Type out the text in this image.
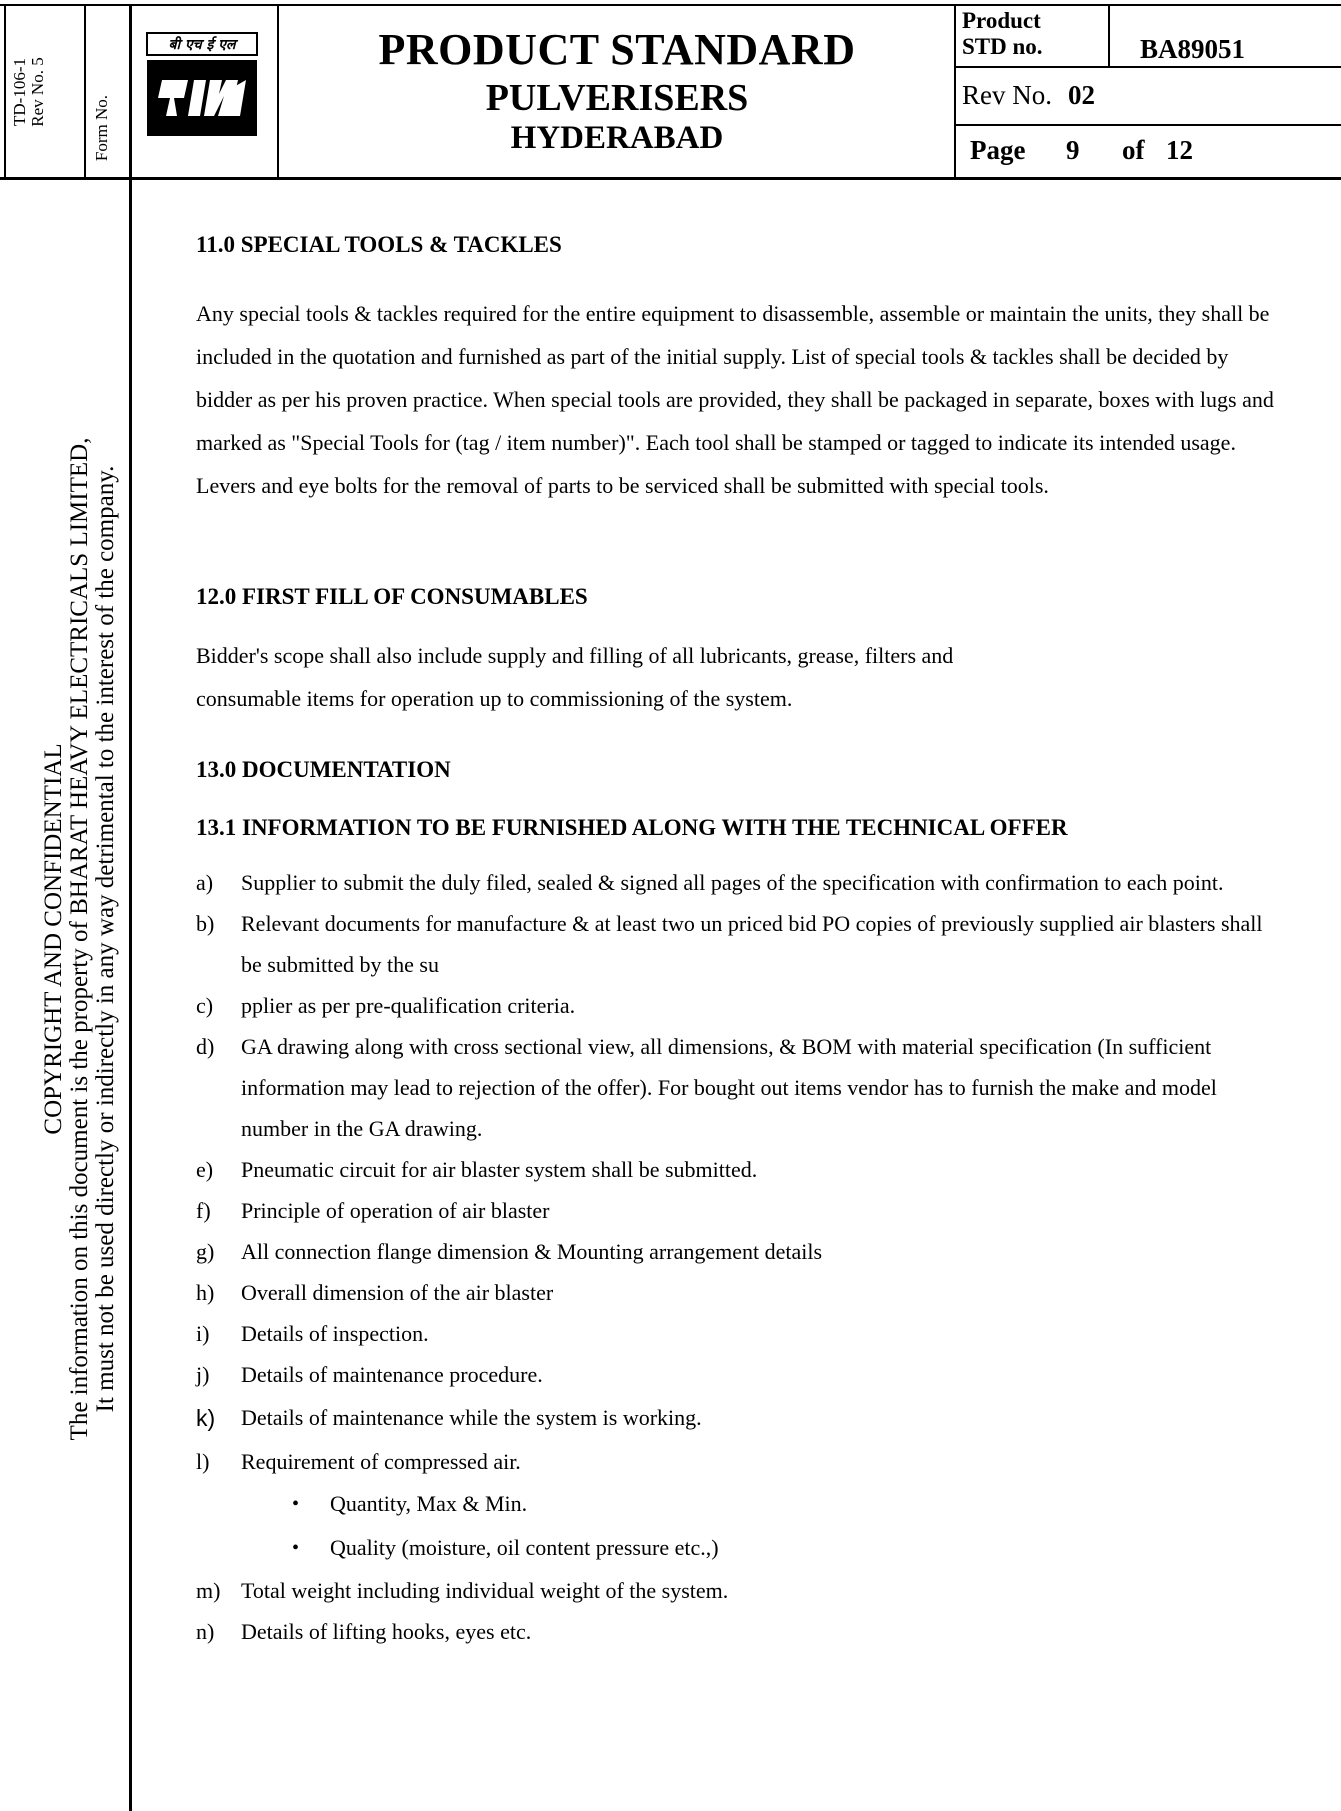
TD-106-1 Rev No. 5
Form No.
बी एच ई एल	PRODUCT STANDARD
PULVERISERS
HYDERABAD
Product
STD no.	BA89051
Rev No. 02
Page 9 of 12
COPYRIGHT AND CONFIDENTIAL The information on this document is the property of BHARAT HEAVY ELECTRICALS LIMITED, It must not be used directly or indirectly in any way detrimental to the interest of the company.
11.0 SPECIAL TOOLS & TACKLES

Any special tools & tackles required for the entire equipment to disassemble, assemble or maintain the units, they shall be included in the quotation and furnished as part of the initial supply. List of special tools & tackles shall be decided by bidder as per his proven practice. When special tools are provided, they shall be packaged in separate, boxes with lugs and marked as "Special Tools for (tag / item number)". Each tool shall be stamped or tagged to indicate its intended usage. Levers and eye bolts for the removal of parts to be serviced shall be submitted with special tools.

12.0 FIRST FILL OF CONSUMABLES

Bidder's scope shall also include supply and filling of all lubricants, grease, filters and

consumable items for operation up to commissioning of the system.

13.0 DOCUMENTATION
13.1 INFORMATION TO BE FURNISHED ALONG WITH THE TECHNICAL OFFER
a) Supplier to submit the duly filed, sealed & signed all pages of the specification with confirmation to each point.
b) Relevant documents for manufacture & at least two un priced bid PO copies of previously supplied air blasters shall be submitted by the su
c) pplier as per pre-qualification criteria.
d) GA drawing along with cross sectional view, all dimensions, & BOM with material specification (In sufficient information may lead to rejection of the offer). For bought out items vendor has to furnish the make and model number in the GA drawing.
e) Pneumatic circuit for air blaster system shall be submitted.
f) Principle of operation of air blaster
g) All connection flange dimension & Mounting arrangement details
h) Overall dimension of the air blaster
i) Details of inspection.
j) Details of maintenance procedure.
k) Details of maintenance while the system is working.
l) Requirement of compressed air.
• Quantity, Max & Min.
• Quality (moisture, oil content pressure etc.,)
m) Total weight including individual weight of the system.
n) Details of lifting hooks, eyes etc.
